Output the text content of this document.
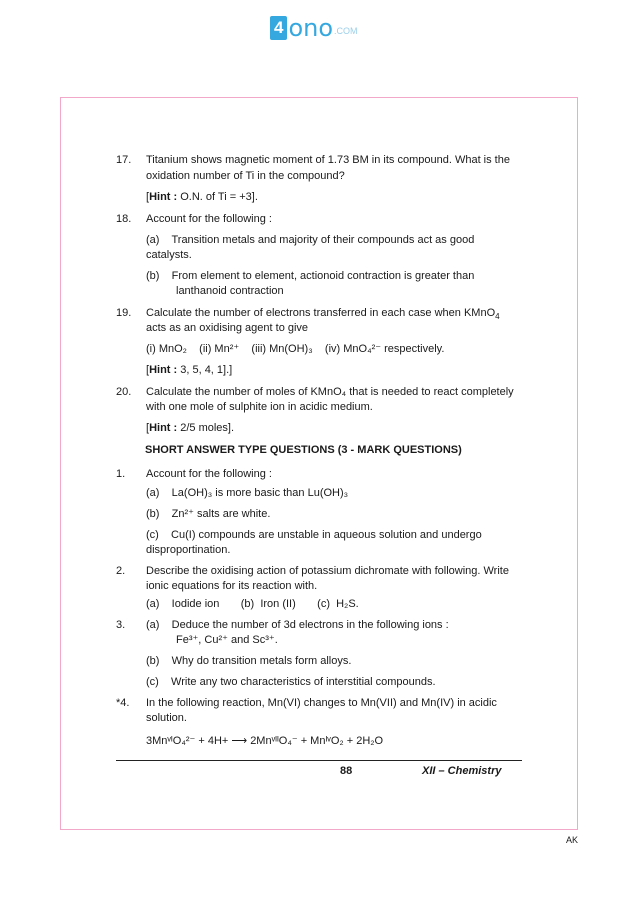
4 ono .COM
17. Titanium shows magnetic moment of 1.73 BM in its compound. What is the
oxidation number of Ti in the compound?
[Hint : O.N. of Ti = +3].
18. Account for the following :
(a)    Transition metals and majority of their compounds act as good
catalysts.
(b)    From element to element, actionoid contraction is greater than
lanthanoid contraction
19. Calculate the number of electrons transferred in each case when KMnO$_4$
acts as an oxidising agent to give
(i) MnO₂    (ii) Mn²⁺    (iii) Mn(OH)₃    (iv) MnO₄²⁻ respectively.
[Hint : 3, 5, 4, 1].]
20. Calculate the number of moles of KMnO₄ that is needed to react completely
with one mole of sulphite ion in acidic medium.
[Hint : 2/5 moles].
SHORT ANSWER TYPE QUESTIONS (3 - MARK QUESTIONS)
1. Account for the following :
(a)    La(OH)₃ is more basic than Lu(OH)₃
(b)    Zn²⁺ salts are white.
(c)    Cu(I) compounds are unstable in aqueous solution and undergo
disproportination.
2. Describe the oxidising action of potassium dichromate with following. Write
ionic equations for its reaction with.
(a)    Iodide ion       (b)  Iron (II)       (c)  H₂S.
3. (a)    Deduce the number of 3d electrons in the following ions :
Fe³⁺, Cu²⁺ and Sc³⁺.
(b)    Why do transition metals form alloys.
(c)    Write any two characteristics of interstitial compounds.
*4. In the following reaction, Mn(VI) changes to Mn(VII) and Mn(IV) in acidic
solution.
3MnᵛᴵO₄²⁻ + 4H+ ⟶ 2MnᵛᴵᴵO₄⁻ + MnᴵᵛO₂ + 2H₂O
88	XII – Chemistry
AK
